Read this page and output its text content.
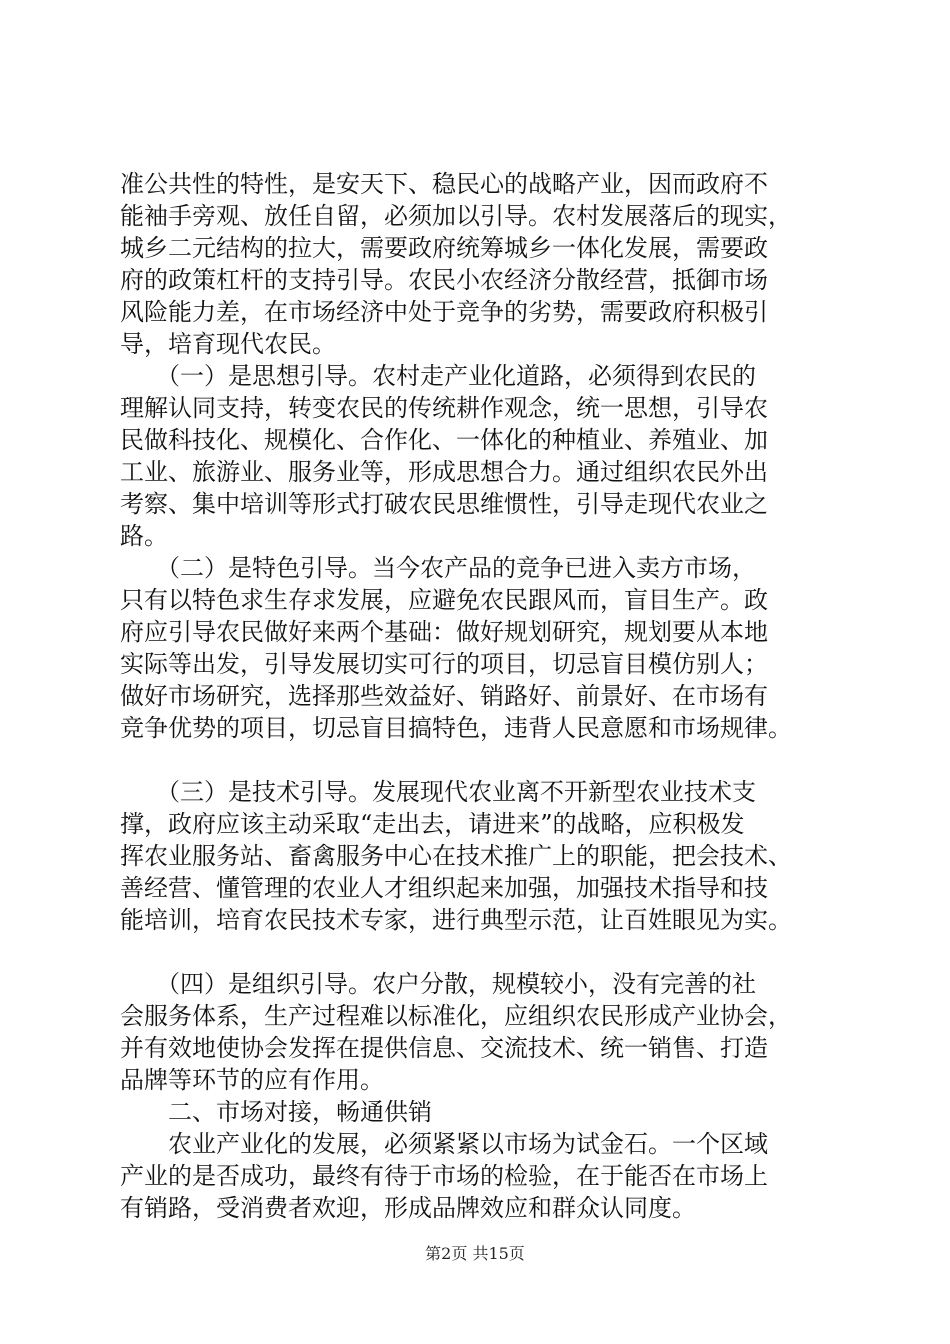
准公共性的特性，是安天下、稳民心的战略产业，因而政府不
能袖手旁观、放任自留，必须加以引导。农村发展落后的现实，
城乡二元结构的拉大，需要政府统筹城乡一体化发展，需要政
府的政策杠杆的支持引导。农民小农经济分散经营，抵御市场
风险能力差，在市场经济中处于竞争的劣势，需要政府积极引
导，培育现代农民。

　　（一）是思想引导。农村走产业化道路，必须得到农民的
理解认同支持，转变农民的传统耕作观念，统一思想，引导农
民做科技化、规模化、合作化、一体化的种植业、养殖业、加
工业、旅游业、服务业等，形成思想合力。通过组织农民外出
考察、集中培训等形式打破农民思维惯性，引导走现代农业之
路。

　　（二）是特色引导。当今农产品的竞争已进入卖方市场，
只有以特色求生存求发展，应避免农民跟风而，盲目生产。政
府应引导农民做好来两个基础：做好规划研究，规划要从本地
实际等出发，引导发展切实可行的项目，切忌盲目模仿别人；
做好市场研究，选择那些效益好、销路好、前景好、在市场有
竞争优势的项目，切忌盲目搞特色，违背人民意愿和市场规律。

　　（三）是技术引导。发展现代农业离不开新型农业技术支
撑，政府应该主动采取“走出去，请进来”的战略，应积极发
挥农业服务站、畜禽服务中心在技术推广上的职能，把会技术、
善经营、懂管理的农业人才组织起来加强，加强技术指导和技
能培训，培育农民技术专家，进行典型示范，让百姓眼见为实。

　　（四）是组织引导。农户分散，规模较小，没有完善的社
会服务体系，生产过程难以标准化，应组织农民形成产业协会，
并有效地使协会发挥在提供信息、交流技术、统一销售、打造
品牌等环节的应有作用。

　　二、市场对接，畅通供销

　　农业产业化的发展，必须紧紧以市场为试金石。一个区域
产业的是否成功，最终有待于市场的检验，在于能否在市场上
有销路，受消费者欢迎，形成品牌效应和群众认同度。

第2页 共15页
